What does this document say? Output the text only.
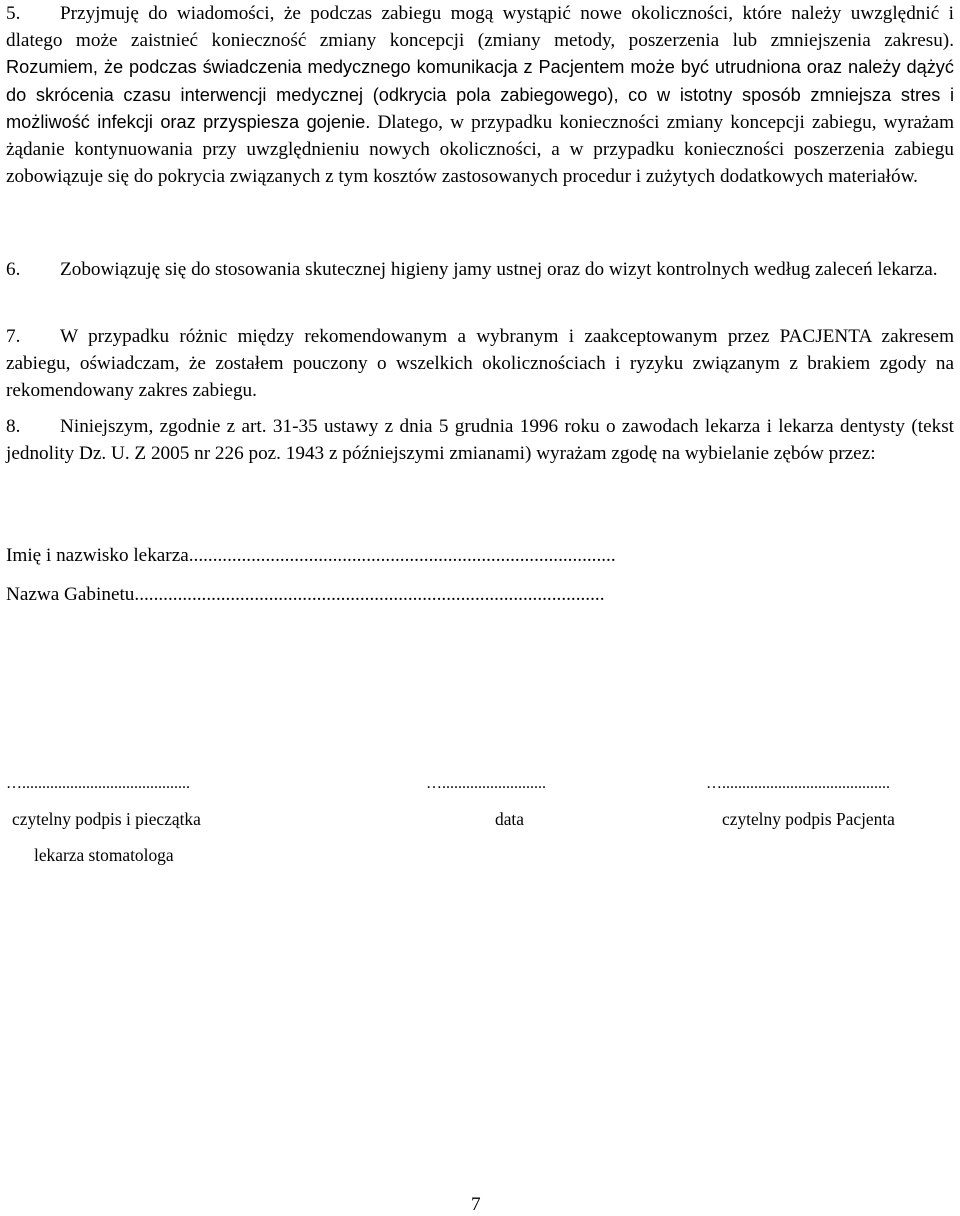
5. Przyjmuję do wiadomości, że podczas zabiegu mogą wystąpić nowe okoliczności, które należy uwzględnić i dlatego może zaistnieć konieczność zmiany koncepcji (zmiany metody, poszerzenia lub zmniejszenia zakresu). Rozumiem, że podczas świadczenia medycznego komunikacja z Pacjentem może być utrudniona oraz należy dążyć do skrócenia czasu interwencji medycznej (odkrycia pola zabiegowego), co w istotny sposób zmniejsza stres i możliwość infekcji oraz przyspiesza gojenie. Dlatego, w przypadku konieczności zmiany koncepcji zabiegu, wyrażam żądanie kontynuowania przy uwzględnieniu nowych okoliczności, a w przypadku konieczności poszerzenia zabiegu zobowiązuje się do pokrycia związanych z tym kosztów zastosowanych procedur i zużytych dodatkowych materiałów.

6. Zobowiązuję się do stosowania skutecznej higieny jamy ustnej oraz do wizyt kontrolnych według zaleceń lekarza.

7. W przypadku różnic między rekomendowanym a wybranym i zaakceptowanym przez PACJENTA zakresem zabiegu, oświadczam, że zostałem pouczony o wszelkich okolicznościach i ryzyku związanym z brakiem zgody na rekomendowany zakres zabiegu.

8. Niniejszym, zgodnie z art. 31-35 ustawy z dnia 5 grudnia 1996 roku o zawodach lekarza i lekarza dentysty (tekst jednolity Dz. U. Z 2005 nr 226 poz. 1943 z późniejszymi zmianami) wyrażam zgodę na wybielanie zębów przez:

Imię i nazwisko lekarza.........................................................................................
Nazwa Gabinetu..................................................................................................
…..........................................	…..........................	…..........................................
czytelny podpis i pieczątka	data	czytelny podpis Pacjenta
lekarza stomatologa
7
